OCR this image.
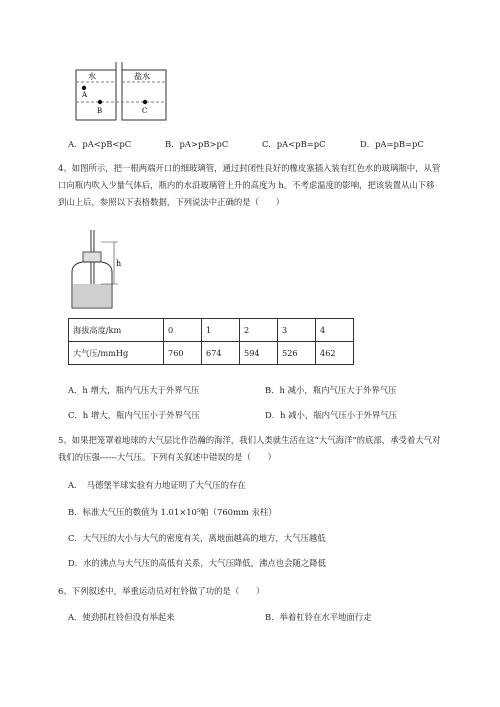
水	盐水
A
B	C
A．pA<pB<pC	B．pA>pB>pC	C．pA<pB=pC	D．pA=pB=pC
4、如图所示，把一根两端开口的细玻璃管，通过封闭性良好的橡皮塞插入装有红色水的玻璃瓶中，从管口向瓶内吹入少量气体后，瓶内的水沿玻璃管上升的高度为 h。不考虑温度的影响，把该装置从山下移到山上后，参照以下表格数据，下列说法中正确的是（　　）
h
海拔高度/km	0	1	2	3	4
大气压/mmHg	760	674	594	526	462
A．h 增大，瓶内气压大于外界气压	B．h 减小，瓶内气压大于外界气压
C．h 增大，瓶内气压小于外界气压	D．h 减小，瓶内气压小于外界气压
5、如果把笼罩着地球的大气层比作浩瀚的海洋，我们人类就生活在这“大气海洋”的底部，承受着大气对我们的压强------大气压。下列有关叙述中错误的是（　　）
A．　马德堡半球实验有力地证明了大气压的存在
B．标准大气压的数值为 1.01×10⁵帕（760mm 汞柱）
C．大气压的大小与大气的密度有关，离地面越高的地方，大气压越低
D．水的沸点与大气压的高低有关系，大气压降低，沸点也会随之降低
6、下列叙述中，举重运动员对杠铃做了功的是（　　）
A．使劲抓杠铃但没有举起来	B．举着杠铃在水平地面行走
